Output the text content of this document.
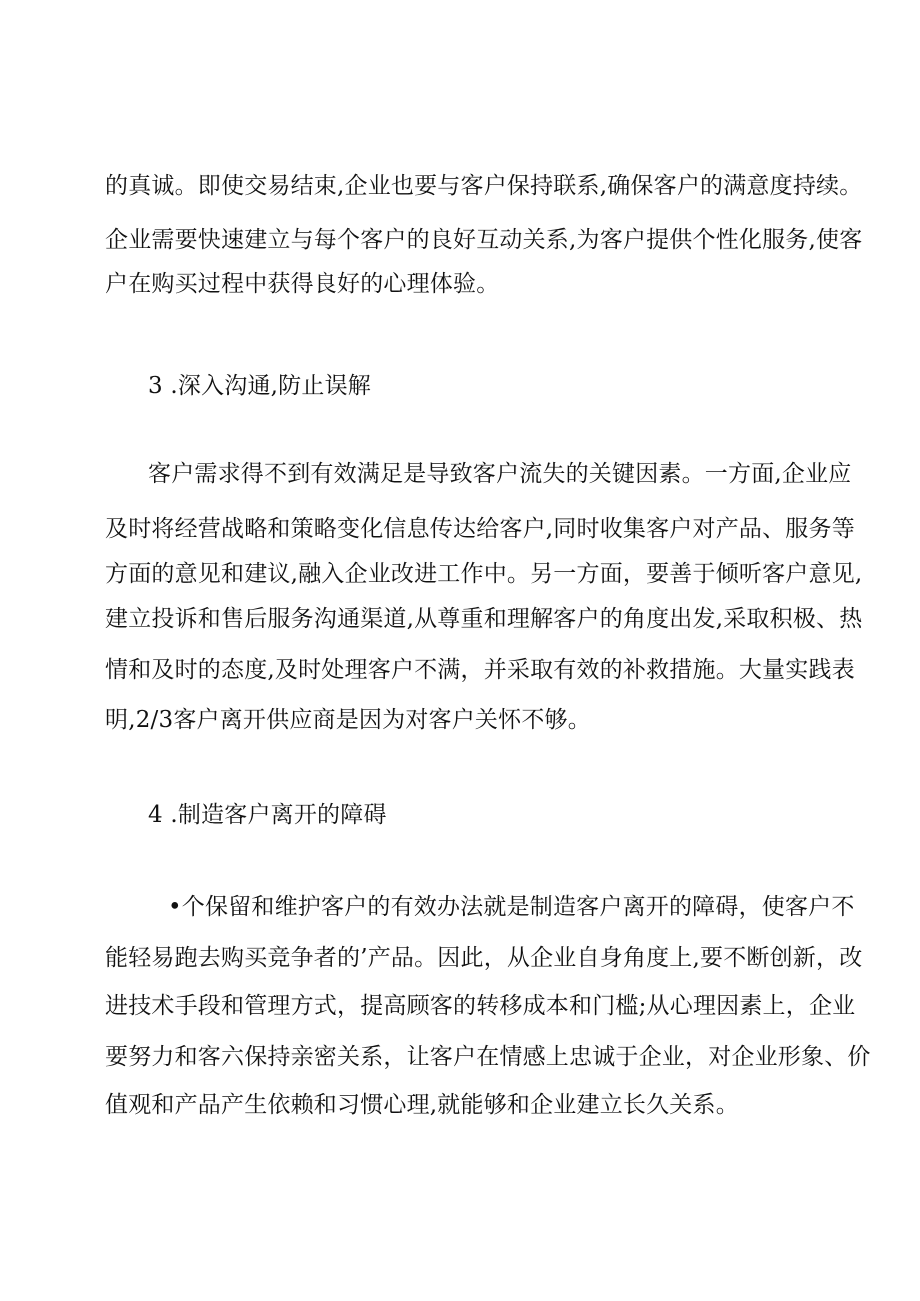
的真诚。即使交易结束,企业也要与客户保持联系,确保客户的满意度持续。
企业需要快速建立与每个客户的良好互动关系,为客户提供个性化服务,使客
户在购买过程中获得良好的心理体验。
3 .深入沟通,防止误解
客户需求得不到有效满足是导致客户流失的关键因素。一方面,企业应
及时将经营战略和策略变化信息传达给客户,同时收集客户对产品、服务等
方面的意见和建议,融入企业改进工作中。另一方面，要善于倾听客户意见,
建立投诉和售后服务沟通渠道,从尊重和理解客户的角度出发,采取积极、热
情和及时的态度,及时处理客户不满，并采取有效的补救措施。大量实践表
明,2/3客户离开供应商是因为对客户关怀不够。
4 .制造客户离开的障碍
•个保留和维护客户的有效办法就是制造客户离开的障碍，使客户不
能轻易跑去购买竞争者的’产品。因此，从企业自身角度上,要不断创新，改
进技术手段和管理方式，提高顾客的转移成本和门槛;从心理因素上，企业
要努力和客六保持亲密关系，让客户在情感上忠诚于企业，对企业形象、价
值观和产品产生依赖和习惯心理,就能够和企业建立长久关系。
